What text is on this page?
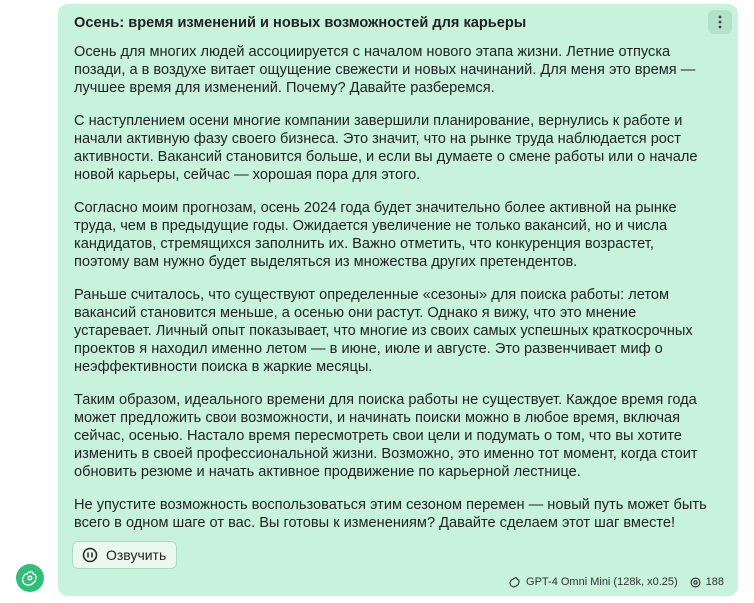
Осень: время изменений и новых возможностей для карьеры

Осень для многих людей ассоциируется с началом нового этапа жизни. Летние отпуска позади, а в воздухе витает ощущение свежести и новых начинаний. Для меня это время — лучшее время для изменений. Почему? Давайте разберемся.

С наступлением осени многие компании завершили планирование, вернулись к работе и начали активную фазу своего бизнеса. Это значит, что на рынке труда наблюдается рост активности. Вакансий становится больше, и если вы думаете о смене работы или о начале новой карьеры, сейчас — хорошая пора для этого.

Согласно моим прогнозам, осень 2024 года будет значительно более активной на рынке труда, чем в предыдущие годы. Ожидается увеличение не только вакансий, но и числа кандидатов, стремящихся заполнить их. Важно отметить, что конкуренция возрастет, поэтому вам нужно будет выделяться из множества других претендентов.

Раньше считалось, что существуют определенные «сезоны» для поиска работы: летом вакансий становится меньше, а осенью они растут. Однако я вижу, что это мнение устаревает. Личный опыт показывает, что многие из своих самых успешных краткосрочных проектов я находил именно летом — в июне, июле и августе. Это развенчивает миф о неэффективности поиска в жаркие месяцы.

Таким образом, идеального времени для поиска работы не существует. Каждое время года может предложить свои возможности, и начинать поиски можно в любое время, включая сейчас, осенью. Настало время пересмотреть свои цели и подумать о том, что вы хотите изменить в своей профессиональной жизни. Возможно, это именно тот момент, когда стоит обновить резюме и начать активное продвижение по карьерной лестнице.

Не упустите возможность воспользоваться этим сезоном перемен — новый путь может быть всего в одном шаге от вас. Вы готовы к изменениям? Давайте сделаем этот шаг вместе!

Озвучить
GPT-4 Omni Mini (128k, x0.25)	188
